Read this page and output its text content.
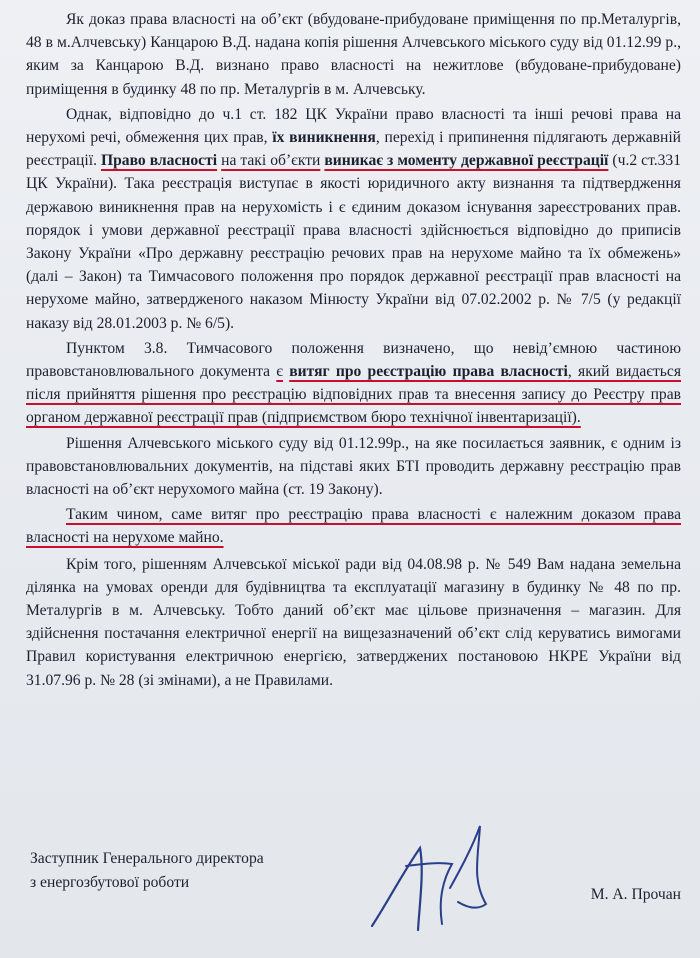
Як доказ права власності на об’єкт (вбудоване-прибудоване приміщення по пр.Металургів, 48 в м.Алчевську) Канцарою В.Д. надана копія рішення Алчевського міського суду від 01.12.99 р., яким за Канцарою В.Д. визнано право власності на нежитлове (вбудоване-прибудоване) приміщення в будинку 48 по пр. Металургів в м. Алчевську.

Однак, відповідно до ч.1 ст. 182 ЦК України право власності та інші речові права на нерухомі речі, обмеження цих прав, їх виникнення, перехід і припинення підлягають державній реєстрації. Право власності на такі об’єкти виникає з моменту державної реєстрації (ч.2 ст.331 ЦК України). Така реєстрація виступає в якості юридичного акту визнання та підтвердження державою виникнення прав на нерухомість і є єдиним доказом існування зареєстрованих прав. порядок і умови державної реєстрації права власності здійснюється відповідно до приписів Закону України «Про державну реєстрацію речових прав на нерухоме майно та їх обмежень» (далі – Закон) та Тимчасового положення про порядок державної реєстрації прав власності на нерухоме майно, затвердженого наказом Мінюсту України від 07.02.2002 р. № 7/5 (у редакції наказу від 28.01.2003 р. № 6/5).

Пунктом 3.8. Тимчасового положення визначено, що невід’ємною частиною правовстановлювального документа є витяг про реєстрацію права власності, який видається після прийняття рішення про реєстрацію відповідних прав та внесення запису до Реєстру прав органом державної реєстрації прав (підприємством бюро технічної інвентаризації).

Рішення Алчевського міського суду від 01.12.99р., на яке посилається заявник, є одним із правовстановлювальних документів, на підставі яких БТІ проводить державну реєстрацію прав власності на об’єкт нерухомого майна (ст. 19 Закону).

Таким чином, саме витяг про реєстрацію права власності є належним доказом права власності на нерухоме майно.

Крім того, рішенням Алчевської міської ради від 04.08.98 р. № 549 Вам надана земельна ділянка на умовах оренди для будівництва та експлуатації магазину в будинку № 48 по пр. Металургів в м. Алчевську. Тобто даний об’єкт має цільове призначення – магазин. Для здійснення постачання електричної енергії на вищезазначений об’єкт слід керуватись вимогами Правил користування електричною енергією, затверджених постановою НКРЕ України від 31.07.96 р. № 28 (зі змінами), а не Правилами.

Заступник Генерального директора
з енергозбутової роботи
М. А. Прочан
